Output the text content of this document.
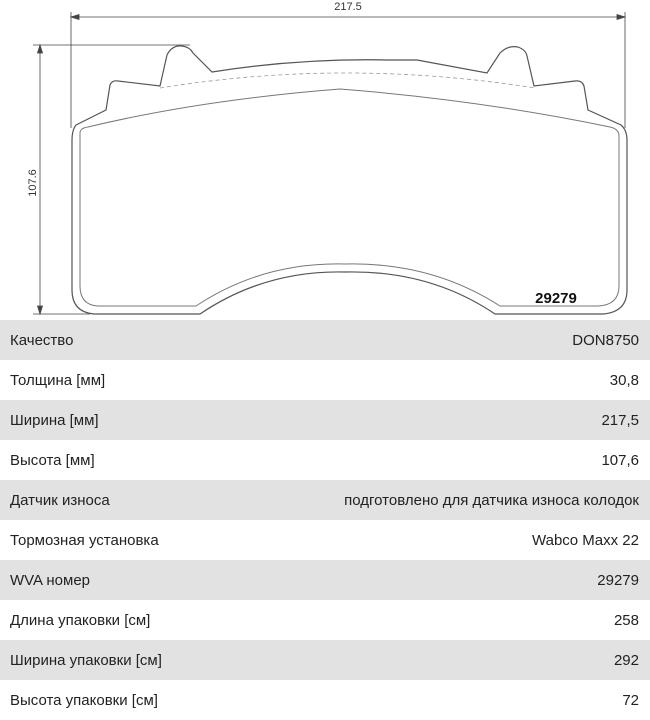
217.5
107.6
29279
Качество	DON8750
Толщина [мм]	30,8
Ширина [мм]	217,5
Высота [мм]	107,6
Датчик износа	подготовлено для датчика износа колодок
Тормозная установка	Wabco Maxx 22
WVA номер	29279
Длина упаковки [см]	258
Ширина упаковки [см]	292
Высота упаковки [см]	72
